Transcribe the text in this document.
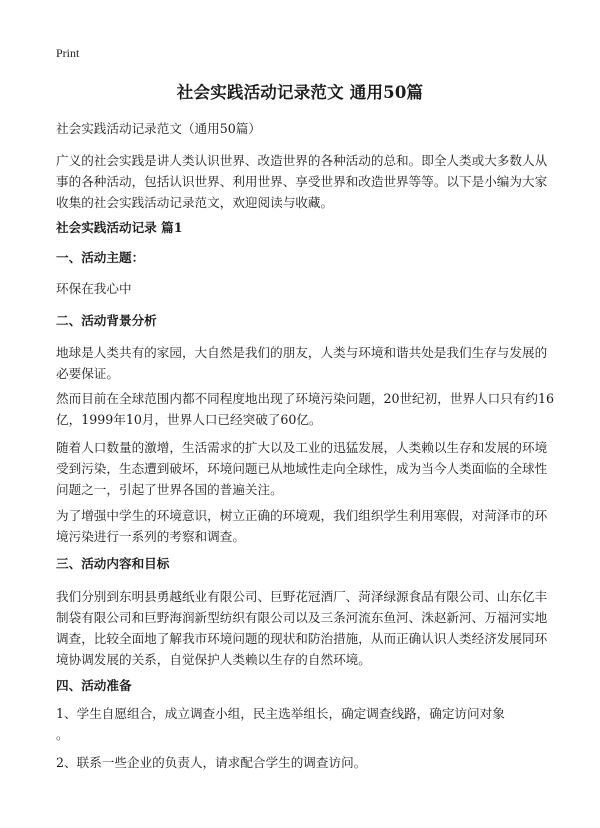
Print
社会实践活动记录范文 通用50篇
社会实践活动记录范文（通用50篇）
广义的社会实践是讲人类认识世界、改造世界的各种活动的总和。即全人类或大多数人从事的各种活动，包括认识世界、利用世界、享受世界和改造世界等等。以下是小编为大家收集的社会实践活动记录范文，欢迎阅读与收藏。
社会实践活动记录 篇1
一、活动主题：
环保在我心中
二、活动背景分析
地球是人类共有的家园，大自然是我们的朋友，人类与环境和谐共处是我们生存与发展的必要保证。
然而目前在全球范围内都不同程度地出现了环境污染问题，20世纪初，世界人口只有约16亿，1999年10月，世界人口已经突破了60亿。
随着人口数量的激增，生活需求的扩大以及工业的迅猛发展，人类赖以生存和发展的环境受到污染，生态遭到破坏，环境问题已从地域性走向全球性，成为当今人类面临的全球性问题之一，引起了世界各国的普遍关注。
为了增强中学生的环境意识，树立正确的环境观，我们组织学生利用寒假，对菏泽市的环境污染进行一系列的考察和调查。
三、活动内容和目标
我们分别到东明县勇越纸业有限公司、巨野花冠酒厂、菏泽绿源食品有限公司、山东亿丰制袋有限公司和巨野海润新型纺织有限公司以及三条河流东鱼河、洙赵新河、万福河实地调查，比较全面地了解我市环境问题的现状和防治措施，从而正确认识人类经济发展同环境协调发展的关系，自觉保护人类赖以生存的自然环境。
四、活动准备
1、学生自愿组合，成立调查小组，民主选举组长，确定调查线路，确定访问对象
。
2、联系一些企业的负责人，请求配合学生的调查访问。
